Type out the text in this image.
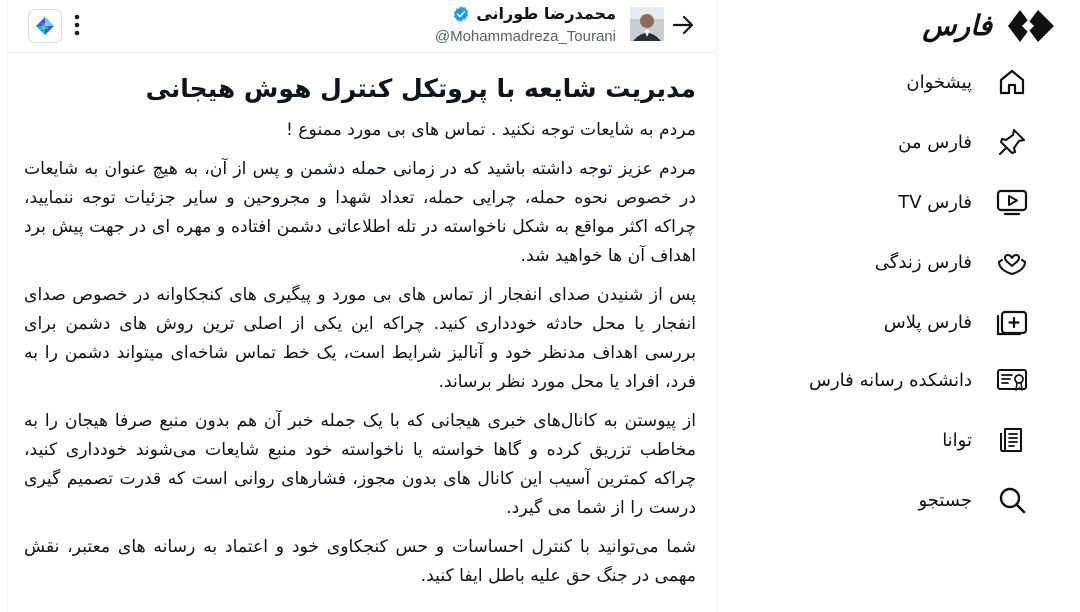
محمدرضا طورانی
@Mohammadreza_Tourani
مدیریت شایعه با پروتکل کنترل هوش هیجانی

مردم به شایعات توجه نکنید . تماس های بی مورد ممنوع !

مردم عزیز توجه داشته باشید که در زمانی حمله دشمن و پس از آن، به هیچ عنوان به شایعات در خصوص نحوه حمله، چرایی حمله، تعداد شهدا و مجروحین و سایر جزئیات توجه ننمایید، چراکه اکثر مواقع به شکل ناخواسته در تله اطلاعاتی دشمن افتاده و مهره ای در جهت پیش برد اهداف آن ها خواهید شد.

پس از شنیدن صدای انفجار از تماس های بی مورد و پیگیری های کنجکاوانه در خصوص صدای انفجار یا محل حادثه خودداری کنید. چراکه این یکی از اصلی ترین روش های دشمن برای بررسی اهداف مدنظر خود و آنالیز شرایط است، یک خط تماس شاخه‌ای میتواند دشمن را به فرد، افراد یا محل مورد نظر برساند.

از پیوستن به کانال‌های خبری هیجانی که با یک جمله خبر آن هم بدون منبع صرفا هیجان را به مخاطب تزریق کرده و گاها خواسته یا ناخواسته خود منبع شایعات می‌شوند خودداری کنید، چراکه کمترین آسیب این کانال های بدون مجوز، فشارهای روانی است که قدرت تصمیم گیری درست را از شما می گیرد.

شما می‌توانید با کنترل احساسات و حس کنجکاوی خود و اعتماد به رسانه های معتبر، نقش مهمی در جنگ حق علیه باطل ایفا کنید.

فارس
پیشخوان
فارس من
فارس TV
فارس زندگی
فارس پلاس
دانشکده رسانه فارس
توانا
جستجو
